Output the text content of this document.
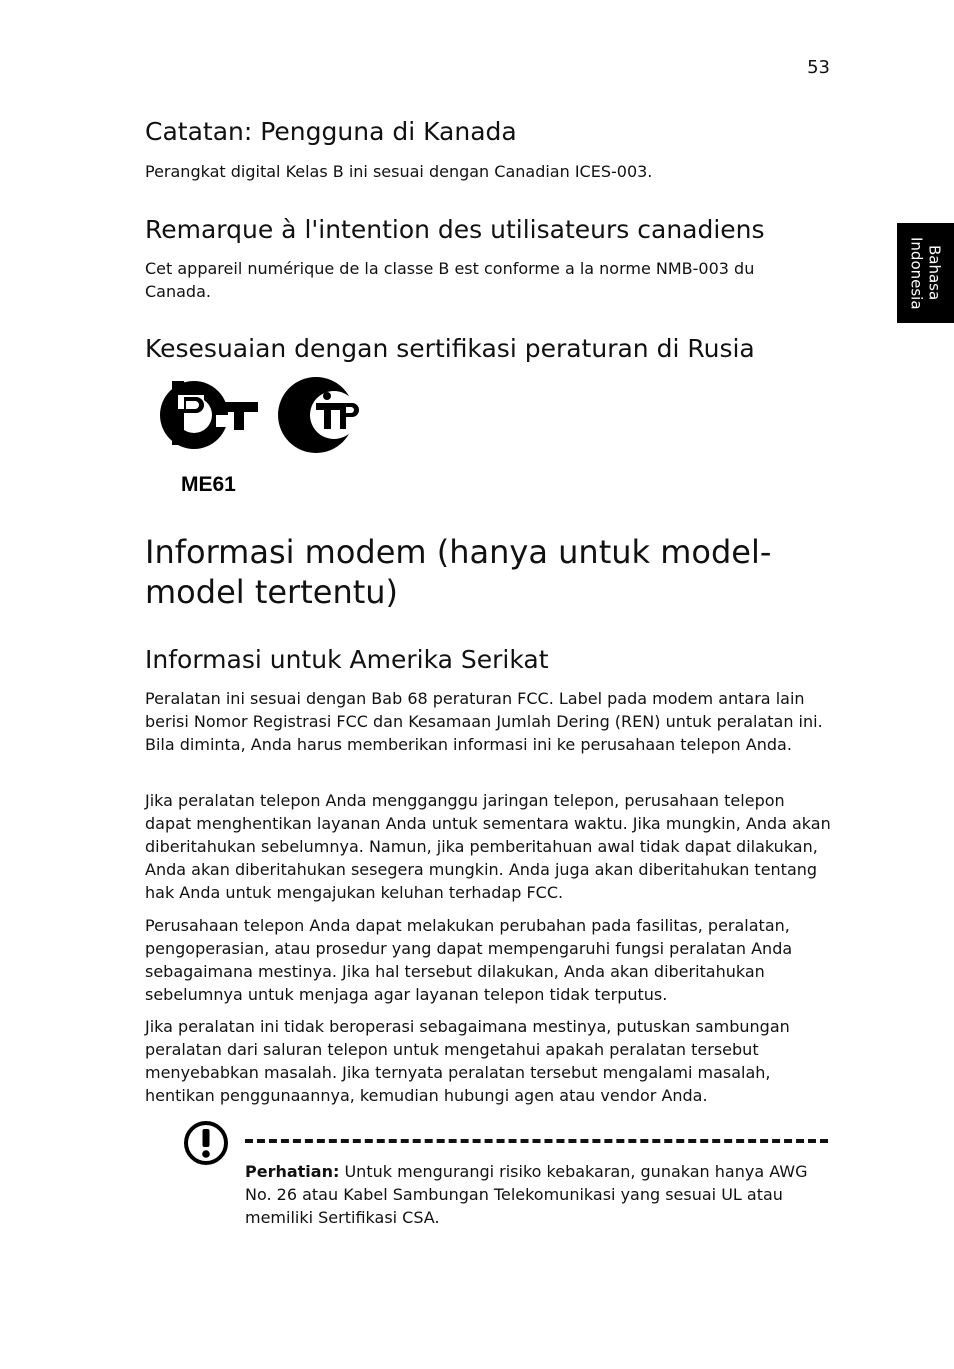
53
Bahasa
Indonesia
Catatan: Pengguna di Kanada

Perangkat digital Kelas B ini sesuai dengan Canadian ICES-003.

Remarque à l'intention des utilisateurs canadiens

Cet appareil numérique de la classe B est conforme a la norme NMB-003 du Canada.

Kesesuaian dengan sertifikasi peraturan di Rusia
ME61
Informasi modem (hanya untuk model-model tertentu)
Informasi untuk Amerika Serikat

Peralatan ini sesuai dengan Bab 68 peraturan FCC. Label pada modem antara lain berisi Nomor Registrasi FCC dan Kesamaan Jumlah Dering (REN) untuk peralatan ini. Bila diminta, Anda harus memberikan informasi ini ke perusahaan telepon Anda.

Jika peralatan telepon Anda mengganggu jaringan telepon, perusahaan telepon dapat menghentikan layanan Anda untuk sementara waktu. Jika mungkin, Anda akan diberitahukan sebelumnya. Namun, jika pemberitahuan awal tidak dapat dilakukan, Anda akan diberitahukan sesegera mungkin. Anda juga akan diberitahukan tentang hak Anda untuk mengajukan keluhan terhadap FCC.

Perusahaan telepon Anda dapat melakukan perubahan pada fasilitas, peralatan, pengoperasian, atau prosedur yang dapat mempengaruhi fungsi peralatan Anda sebagaimana mestinya. Jika hal tersebut dilakukan, Anda akan diberitahukan sebelumnya untuk menjaga agar layanan telepon tidak terputus.

Jika peralatan ini tidak beroperasi sebagaimana mestinya, putuskan sambungan peralatan dari saluran telepon untuk mengetahui apakah peralatan tersebut menyebabkan masalah. Jika ternyata peralatan tersebut mengalami masalah, hentikan penggunaannya, kemudian hubungi agen atau vendor Anda.

Perhatian: Untuk mengurangi risiko kebakaran, gunakan hanya AWG No. 26 atau Kabel Sambungan Telekomunikasi yang sesuai UL atau memiliki Sertifikasi CSA.
